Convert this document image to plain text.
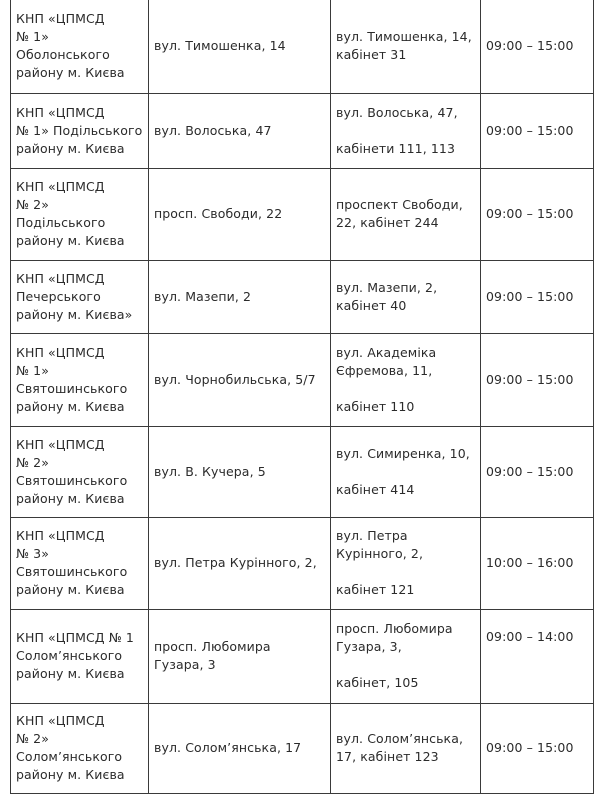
КНП «ЦПМСД
№ 1»
Оболонського
району м. Києва	вул. Тимошенка, 14	вул. Тимошенка, 14,
кабінет 31	09:00 – 15:00
КНП «ЦПМСД
№ 1» Подільського
району м. Києва	вул. Волоська, 47	вул. Волоська, 47,

кабінети 111, 113	09:00 – 15:00
КНП «ЦПМСД
№ 2»
Подільського
району м. Києва	просп. Свободи, 22	проспект Свободи,
22, кабінет 244	09:00 – 15:00
КНП «ЦПМСД
Печерського
району м. Києва»	вул. Мазепи, 2	вул. Мазепи, 2,
кабінет 40	09:00 – 15:00
КНП «ЦПМСД
№ 1»
Святошинського
району м. Києва	вул. Чорнобильська, 5/7	вул. Академіка
Єфремова, 11,

кабінет 110	09:00 – 15:00
КНП «ЦПМСД
№ 2»
Святошинського
району м. Києва	вул. В. Кучера, 5	вул. Симиренка, 10,

кабінет 414	09:00 – 15:00
КНП «ЦПМСД
№ 3»
Святошинського
району м. Києва	вул. Петра Курінного, 2,	вул. Петра
Курінного, 2,

кабінет 121	10:00 – 16:00
КНП «ЦПМСД № 1
Солом’янського
району м. Києва	просп. Любомира
Гузара, 3	просп. Любомира
Гузара, 3,

кабінет, 105	09:00 – 14:00
КНП «ЦПМСД
№ 2»
Солом’янського
району м. Києва	вул. Солом’янська, 17	вул. Солом’янська,
17, кабінет 123	09:00 – 15:00
